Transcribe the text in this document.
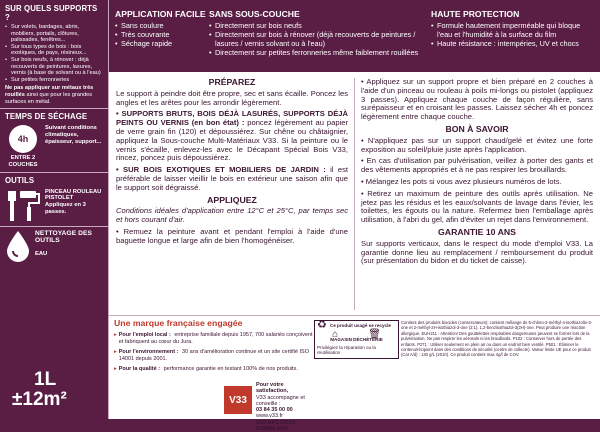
SUR QUELS SUPPORTS ?
• Sur volets, bardages, abris, mobiliers, portails, clôtures, palissades, fenêtres...
• Sur tous types de bois : bois exotiques, de pays, résineux...
• Sur bois neufs, à rénover : déjà recouverts de peintures, lasures, vernis (à base de solvant ou à l'eau)
• Sur petites ferronneries
Ne pas appliquer sur métaux très rouillés ainsi que pour les grandes surfaces en métal.
TEMPS DE SÉCHAGE
4h
ENTRE 2 COUCHES
Suivant conditions climatiques, épaisseur, support...
OUTILS
PINCEAU ROULEAU PISTOLET
Appliquez en 3 passes.
NETTOYAGE DES OUTILS
EAU
1L
±12m²
APPLICATION FACILE
• Sans coulure
• Très couvrante
• Séchage rapide
SANS SOUS-COUCHE
• Directement sur bois neufs
• Directement sur bois à rénover (déjà recouverts de peintures / lasures / vernis solvant ou à l'eau)
• Directement sur petites ferronneries même faiblement rouillées
HAUTE PROTECTION
• Formule hautement imperméable qui bloque l'eau et l'humidité à la surface du film
• Haute résistance : intempéries, UV et chocs
PRÉPAREZ

Le support à peindre doit être propre, sec et sans écaille. Poncez les angles et les arêtes pour les arrondir légèrement.

• SUPPORTS BRUTS, BOIS DÉJÀ LASURÉS, SUPPORTS DÉJÀ PEINTS OU VERNIS (en bon état) : poncez légèrement au papier de verre grain fin (120) et dépoussiérez. Sur chêne ou châtaignier, appliquez la Sous-couche Multi-Matériaux V33. Si la peinture ou le vernis s'écaille, enlevez-les avec le Décapant Spécial Bois V33, rincez, poncez puis dépoussiérez.

• SUR BOIS EXOTIQUES ET MOBILIERS DE JARDIN : il est préférable de laisser vieillir le bois en extérieur une saison afin que le support soit dégraissé.

APPLIQUEZ

Conditions idéales d'application entre 12°C et 25°C, par temps sec et hors courant d'air.

• Remuez la peinture avant et pendant l'emploi à l'aide d'une baguette longue et large afin de bien l'homogénéiser.

• Appliquez sur un support propre et bien préparé en 2 couches à l'aide d'un pinceau ou rouleau à poils mi-longs ou pistolet (appliquez 3 passes). Appliquez chaque couche de façon régulière, sans surépaisseur et en croisant les passes. Laissez sécher 4h et poncez légèrement entre chaque couche.

BON À SAVOIR

• N'appliquez pas sur un support chaud/gelé et évitez une forte exposition au soleil/pluie juste après l'application.

• En cas d'utilisation par pulvérisation, veillez à porter des gants et des vêtements appropriés et à ne pas respirer les brouillards.

• Mélangez les pots si vous avez plusieurs numéros de lots.

• Retirez un maximum de peinture des outils après utilisation. Ne jetez pas les résidus et les eaux/solvants de lavage dans l'évier, les toilettes, les égouts ou la nature. Refermez bien l'emballage après utilisation, à l'abri du gel, afin d'éviter un rejet dans l'environnement.

GARANTIE 10 ANS

Sur supports verticaux, dans le respect du mode d'emploi V33. La garantie donne lieu au remplacement / remboursement du produit (sur présentation du bidon et du ticket de caisse).

Une marque française engagée
▸ Pour l'emploi local : entreprise familiale depuis 1957, 700 salariés conçoivent et fabriquent au cœur du Jura.
▸ Pour l'environnement : 30 ans d'amélioration continue et un site certifié ISO 14001 depuis 2001.
▸ Pour la qualité : performance garantie en testant 100% de nos produits.
V33
Pour votre satisfaction,
V33 accompagne et conseille :
03 84 35 00 00
www.v33.fr
V33-BP1 39210 DOMBLANS
♻ Ce produit usagé se recycle
⌂	🗑
MAGASIN DÉCHÈTERIE
Privilégiez la réparation ou la réutilisation
Contient des produits biocides (conservateurs): contient mélange de 5-chloro-2-méthyl-4-isothiazolin-3-one et 2-méthyl-2H-isothiazol-3-one (3:1), 1,2-benzisothiazol-3(2H)-one. Peut produire une réaction allergique. EUH211 : Attention! Des gouttelettes respirables dangereuses peuvent se former lors de la pulvérisation. Ne pas respirer les aérosols ni les brouillards. P102 : Conserver hors de portée des enfants. P271 : Utiliser seulement en plein air ou dans un endroit bien ventilé. P501 : Éliminer le contenu/récipient dans des conditions de sécurité (centre de collecte). Valeur limite UE pour ce produit (Cat A/d) : 130 g/L (2010). Ce produit contient max 4g/l de COV.
